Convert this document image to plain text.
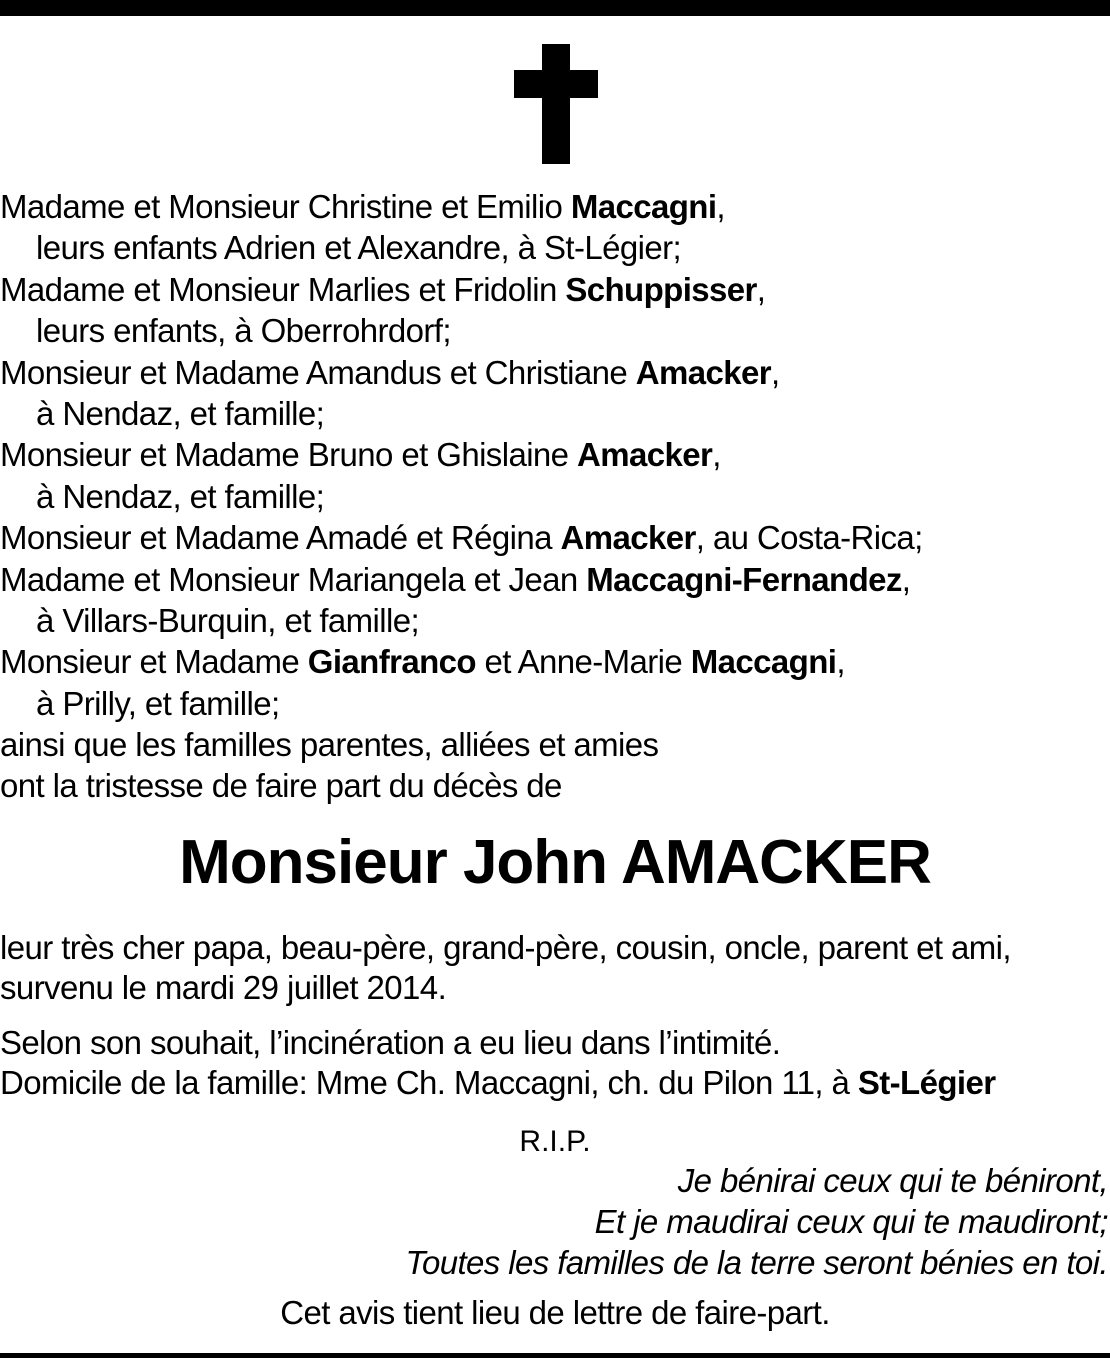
Madame et Monsieur Christine et Emilio Maccagni,
leurs enfants Adrien et Alexandre, à St-Légier;
Madame et Monsieur Marlies et Fridolin Schuppisser,
leurs enfants, à Oberrohrdorf;
Monsieur et Madame Amandus et Christiane Amacker,
à Nendaz, et famille;
Monsieur et Madame Bruno et Ghislaine Amacker,
à Nendaz, et famille;
Monsieur et Madame Amadé et Régina Amacker, au Costa-Rica;
Madame et Monsieur Mariangela et Jean Maccagni-Fernandez,
à Villars-Burquin, et famille;
Monsieur et Madame Gianfranco et Anne-Marie Maccagni,
à Prilly, et famille;
ainsi que les familles parentes, alliées et amies
ont la tristesse de faire part du décès de
Monsieur John AMACKER
leur très cher papa, beau-père, grand-père, cousin, oncle, parent et ami,
survenu le mardi 29 juillet 2014.
Selon son souhait, l’incinération a eu lieu dans l’intimité.
Domicile de la famille: Mme Ch. Maccagni, ch. du Pilon 11, à St-Légier
R.I.P.
Je bénirai ceux qui te béniront,
Et je maudirai ceux qui te maudiront;
Toutes les familles de la terre seront bénies en toi.
Cet avis tient lieu de lettre de faire-part.
